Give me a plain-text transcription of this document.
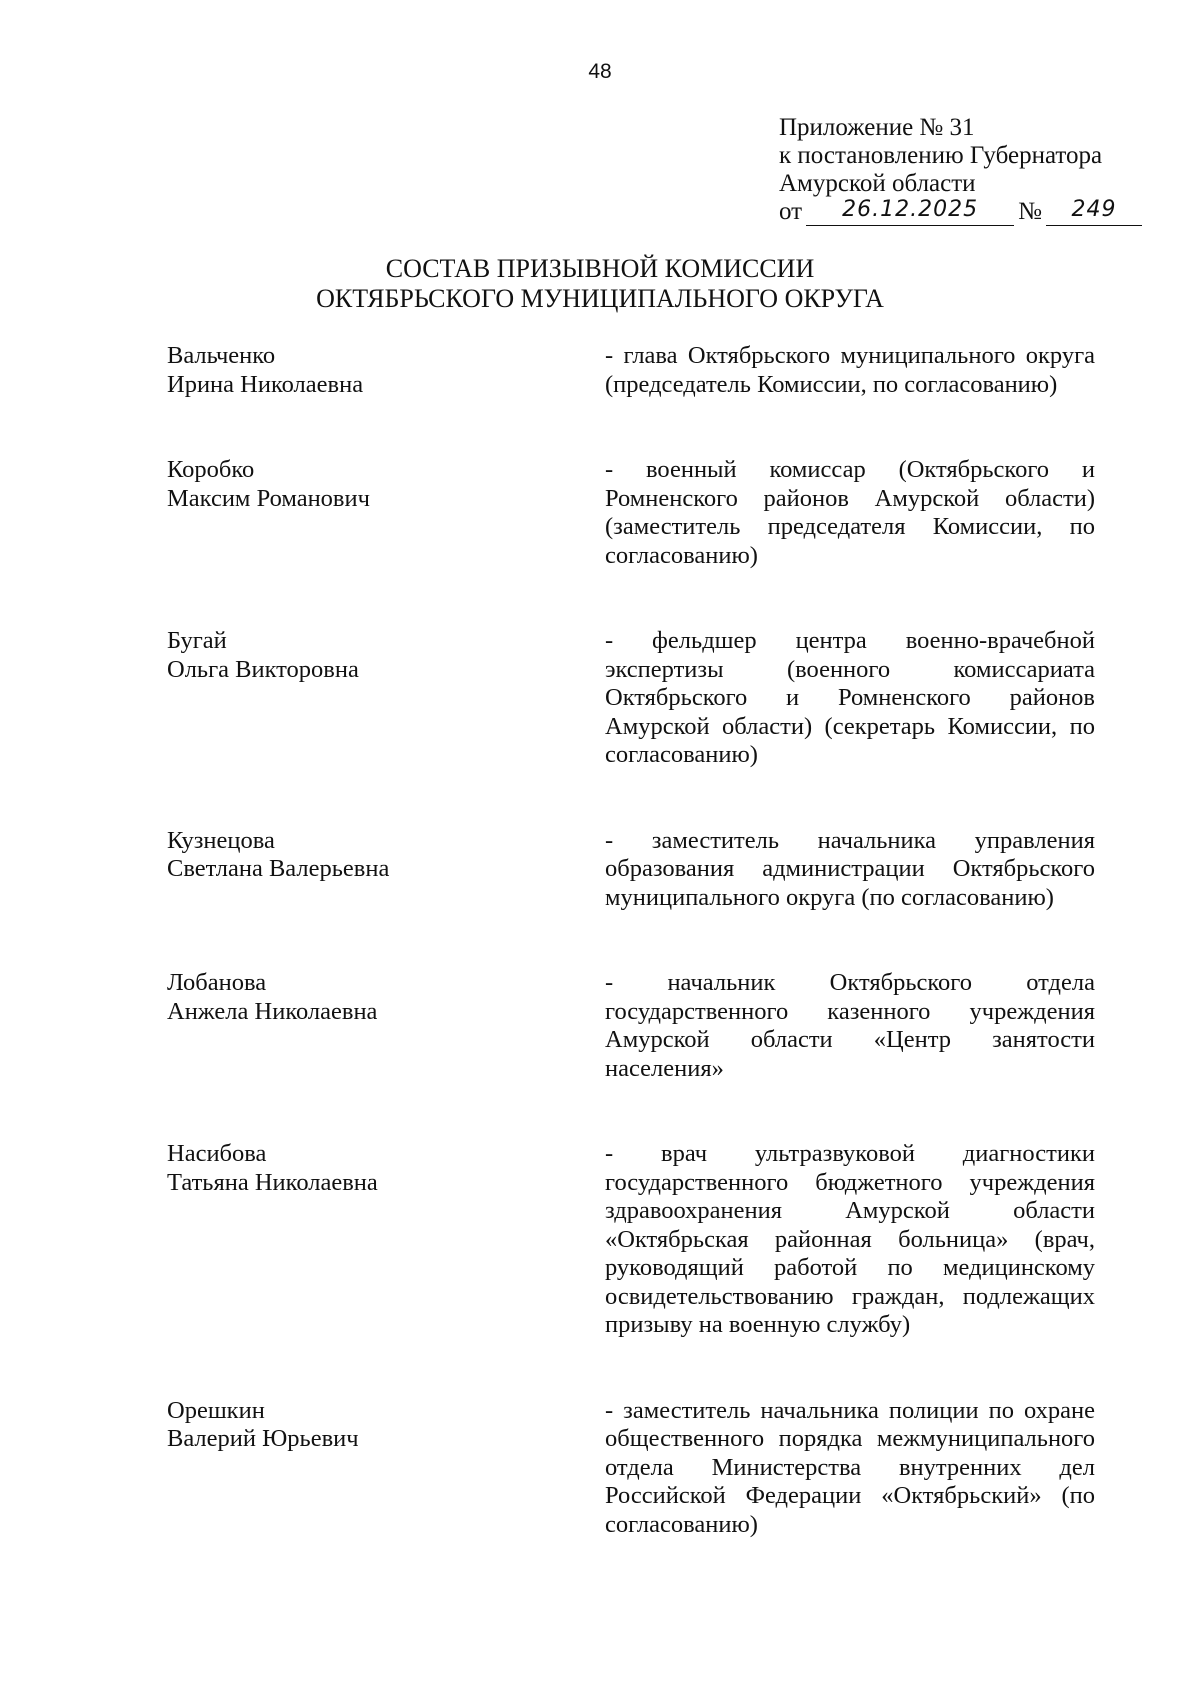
48
Приложение № 31
к постановлению Губернатора
Амурской области
от	26.12.2025	№	249
СОСТАВ ПРИЗЫВНОЙ КОМИССИИ
ОКТЯБРЬСКОГО МУНИЦИПАЛЬНОГО ОКРУГА
Вальченко
Ирина Николаевна
- глава Октябрьского муниципального округа (председатель Комиссии, по согласованию)
Коробко
Максим Романович
- военный комиссар (Октябрьского и Ромненского районов Амурской области) (заместитель председателя Комиссии, по согласованию)
Бугай
Ольга Викторовна
- фельдшер центра военно-врачебной экспертизы (военного комиссариата Октябрьского и Ромненского районов Амурской области) (секретарь Комиссии, по согласованию)
Кузнецова
Светлана Валерьевна
- заместитель начальника управления образования администрации Октябрьского муниципального округа (по согласованию)
Лобанова
Анжела Николаевна
- начальник Октябрьского отдела государственного казенного учреждения Амурской области «Центр занятости населения»
Насибова
Татьяна Николаевна
- врач ультразвуковой диагностики государственного бюджетного учреждения здравоохранения Амурской области «Октябрьская районная больница» (врач, руководящий работой по медицинскому освидетельствованию граждан, подлежащих призыву на военную службу)
Орешкин
Валерий Юрьевич
- заместитель начальника полиции по охране общественного порядка межмуниципального отдела Министерства внутренних дел Российской Федерации «Октябрьский» (по согласованию)
